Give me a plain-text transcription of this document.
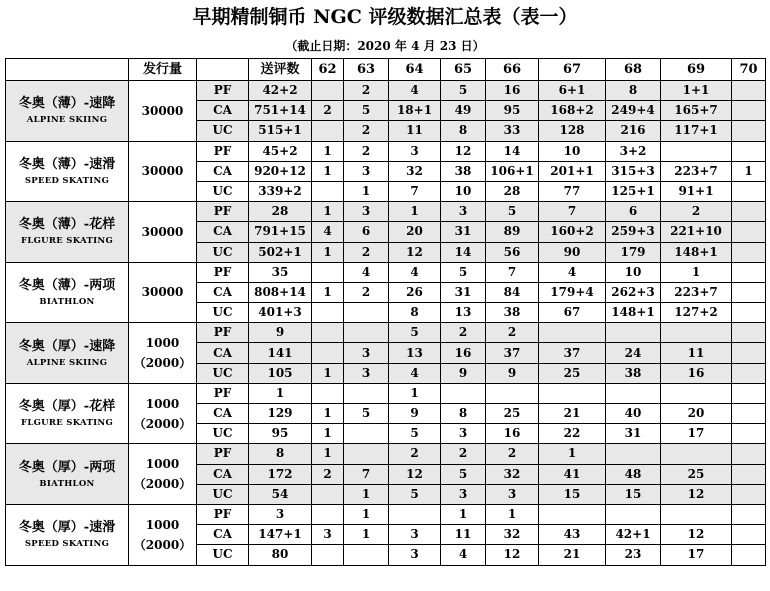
早期精制铜币 NGC 评级数据汇总表（表一）
（截止日期：2020 年 4 月 23 日）
	发行量		送评数	62	63	64	65	66	67	68	69	70

冬奥（薄）-速降
ALPINE SKIING	30000	PF	42+2		2	4	5	16	6+1	8	1+1	
		CA	751+14	2	5	18+1	49	95	168+2	249+4	165+7	
		UC	515+1		2	11	8	33	128	216	117+1	

冬奥（薄）-速滑
SPEED SKATING	30000	PF	45+2	1	2	3	12	14	10	3+2		
		CA	920+12	1	3	32	38	106+1	201+1	315+3	223+7	1
		UC	339+2		1	7	10	28	77	125+1	91+1	

冬奥（薄）-花样
FLGURE SKATING	30000	PF	28	1	3	1	3	5	7	6	2	
		CA	791+15	4	6	20	31	89	160+2	259+3	221+10	
		UC	502+1	1	2	12	14	56	90	179	148+1	

冬奥（薄）-两项
BIATHLON	30000	PF	35		4	4	5	7	4	10	1	
		CA	808+14	1	2	26	31	84	179+4	262+3	223+7	
		UC	401+3			8	13	38	67	148+1	127+2	

冬奥（厚）-速降
ALPINE SKIING	1000
（2000）	PF	9			5	2	2				
		CA	141		3	13	16	37	37	24	11	
		UC	105	1	3	4	9	9	25	38	16	

冬奥（厚）-花样
FLGURE SKATING	1000
（2000）	PF	1			1						
		CA	129	1	5	9	8	25	21	40	20	
		UC	95	1		5	3	16	22	31	17	

冬奥（厚）-两项
BIATHLON	1000
（2000）	PF	8	1		2	2	2	1			
		CA	172	2	7	12	5	32	41	48	25	
		UC	54		1	5	3	3	15	15	12	

冬奥（厚）-速滑
SPEED SKATING	1000
（2000）	PF	3		1		1	1				
		CA	147+1	3	1	3	11	32	43	42+1	12	
		UC	80			3	4	12	21	23	17	
